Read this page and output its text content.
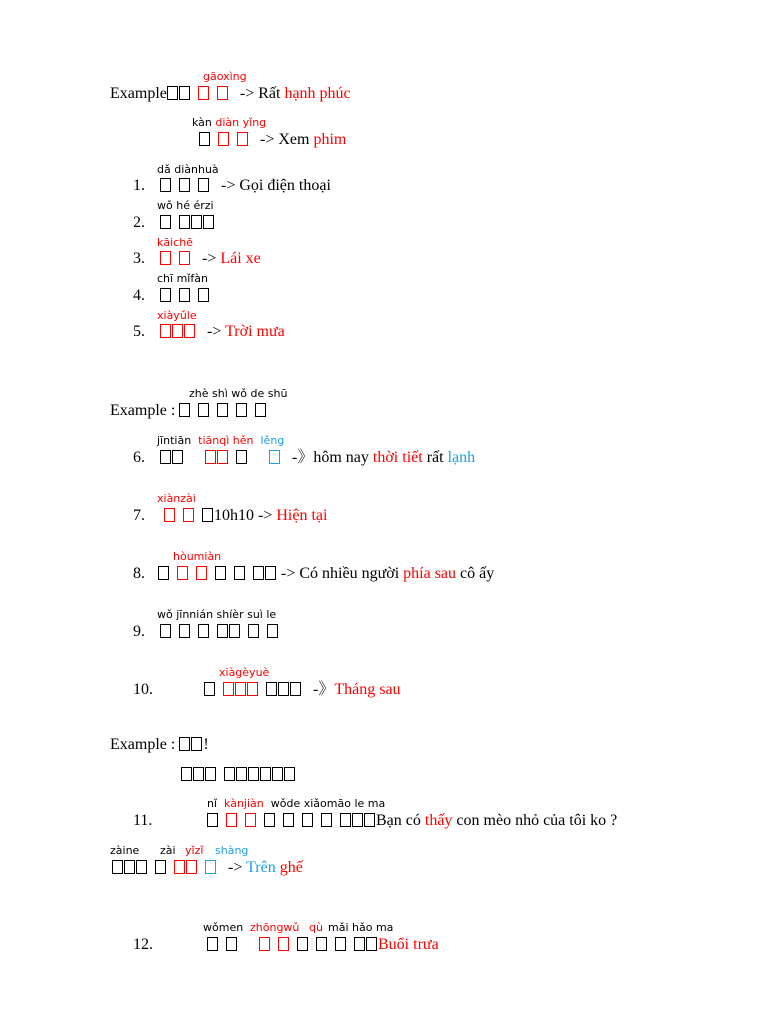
gāoxìng
Example	-> Rất hạnh phúc
kàn diàn yǐng
-> Xem phim
dǎ diànhuà
1.	-> Gọi điện thoại
wǒ hé érzi
2.
kāichē
3.	-> Lái xe
chī mǐfàn
4.
xiàyǔle
5.	-> Trời mưa
zhè shì wǒ de shū
Example :
jīntiān tiānqì hěn lěng
6.	-》hôm nay thời tiết rất lạnh
xiànzài
7.	10h10 -> Hiện tại
hòumiàn
8.	-> Có nhiều người phía sau cô ấy
wǒ jīnnián shíèr suì le
9.
xiàgèyuè
10.	-》Tháng sau
Example : !
nǐ kànjiàn wǒde xiǎomāo le ma
11.	Bạn có thấy con mèo nhỏ của tôi ko ?
zàine zài yǐzǐ shàng
-> Trên ghế
wǒmen zhōngwǔ qù mǎi hǎo ma
12.	Buổi trưa
